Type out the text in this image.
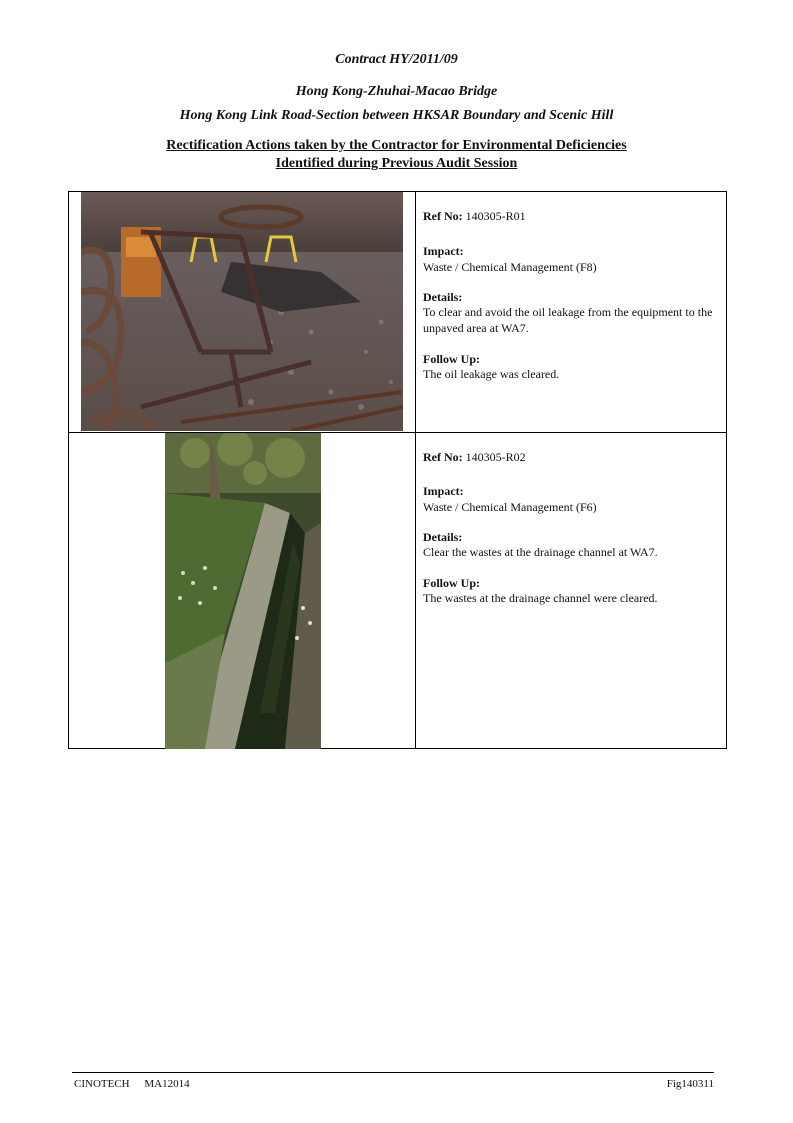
Contract HY/2011/09
Hong Kong-Zhuhai-Macao Bridge
Hong Kong Link Road-Section between HKSAR Boundary and Scenic Hill
Rectification Actions taken by the Contractor for Environmental Deficiencies
Identified during Previous Audit Session
Ref No: 140305-R01
Impact:
Waste / Chemical Management (F8)
Details:
To clear and avoid the oil leakage from the equipment to the unpaved area at WA7.
Follow Up:
The oil leakage was cleared.
Ref No: 140305-R02
Impact:
Waste / Chemical Management (F6)
Details:
Clear the wastes at the drainage channel at WA7.
Follow Up:
The wastes at the drainage channel were cleared.
CINOTECH MA12014	Fig140311
